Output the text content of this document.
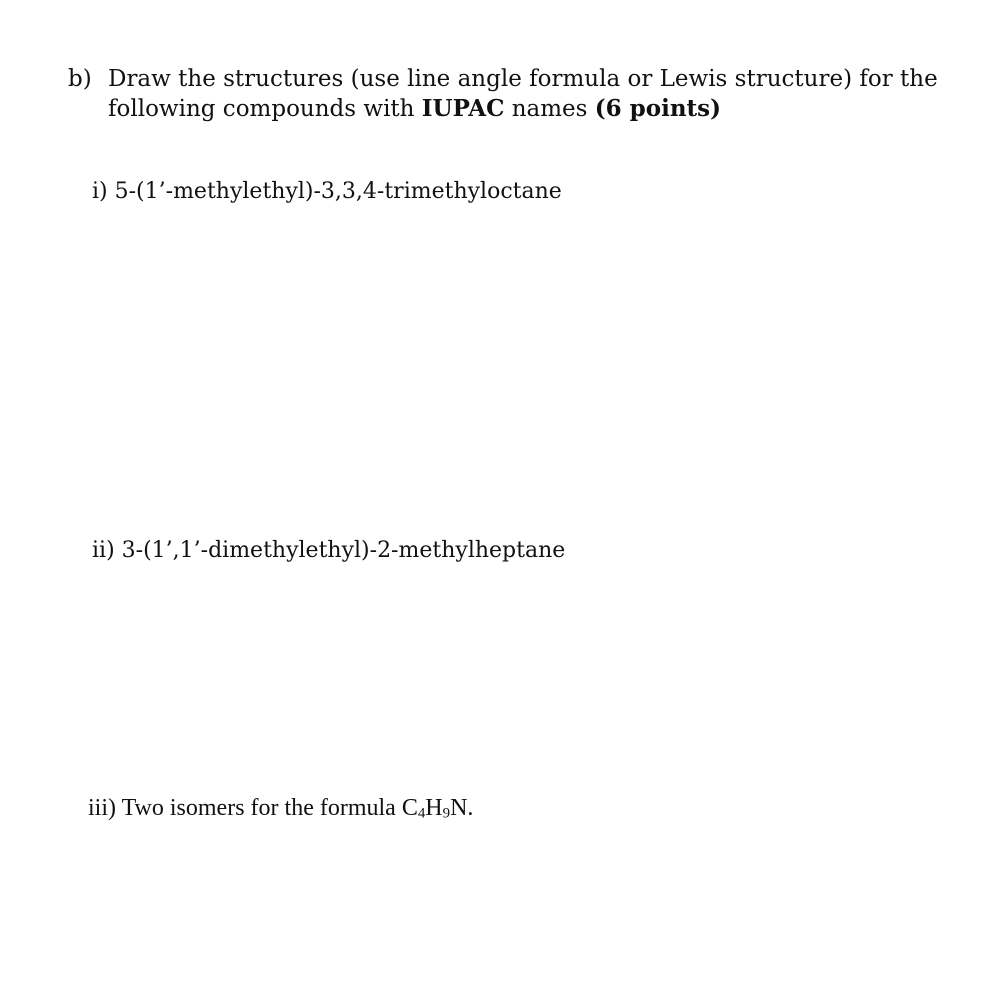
b) Draw the structures (use line angle formula or Lewis structure) for the following compounds with IUPAC names (6 points)
i) 5-(1’-methylethyl)-3,3,4-trimethyloctane
ii) 3-(1’,1’-dimethylethyl)-2-methylheptane
iii) Two isomers for the formula C4H9N.
